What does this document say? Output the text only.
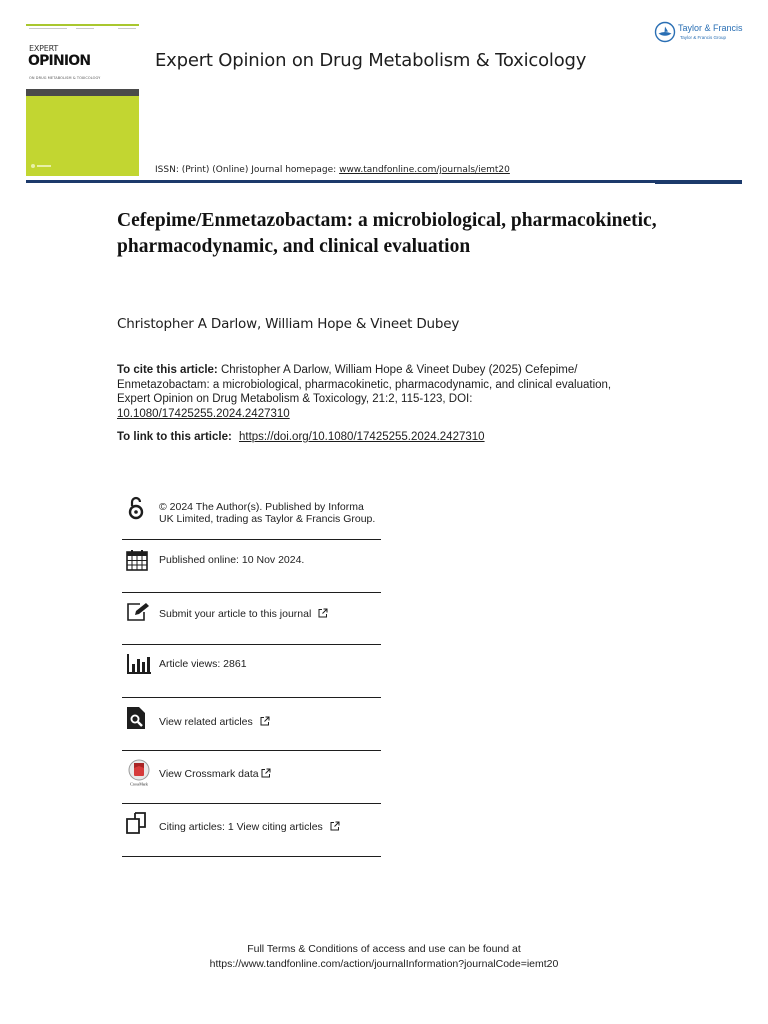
EXPERT
OPINION
ON DRUG METABOLISM & TOXICOLOGY
Expert Opinion on Drug Metabolism & Toxicology
Taylor & Francis
Taylor & Francis Group
ISSN: (Print) (Online) Journal homepage: www.tandfonline.com/journals/iemt20
Cefepime/Enmetazobactam: a microbiological, pharmacokinetic, pharmacodynamic, and clinical evaluation
Christopher A Darlow, William Hope & Vineet Dubey
To cite this article: Christopher A Darlow, William Hope & Vineet Dubey (2025) Cefepime/ Enmetazobactam: a microbiological, pharmacokinetic, pharmacodynamic, and clinical evaluation, Expert Opinion on Drug Metabolism & Toxicology, 21:2, 115-123, DOI: 10.1080/17425255.2024.2427310
To link to this article: https://doi.org/10.1080/17425255.2024.2427310
© 2024 The Author(s). Published by Informa UK Limited, trading as Taylor & Francis Group.
Published online: 10 Nov 2024.
Submit your article to this journal
Article views: 2861
View related articles
CrossMark
View Crossmark data
Citing articles: 1 View citing articles
Full Terms & Conditions of access and use can be found at
https://www.tandfonline.com/action/journalInformation?journalCode=iemt20
